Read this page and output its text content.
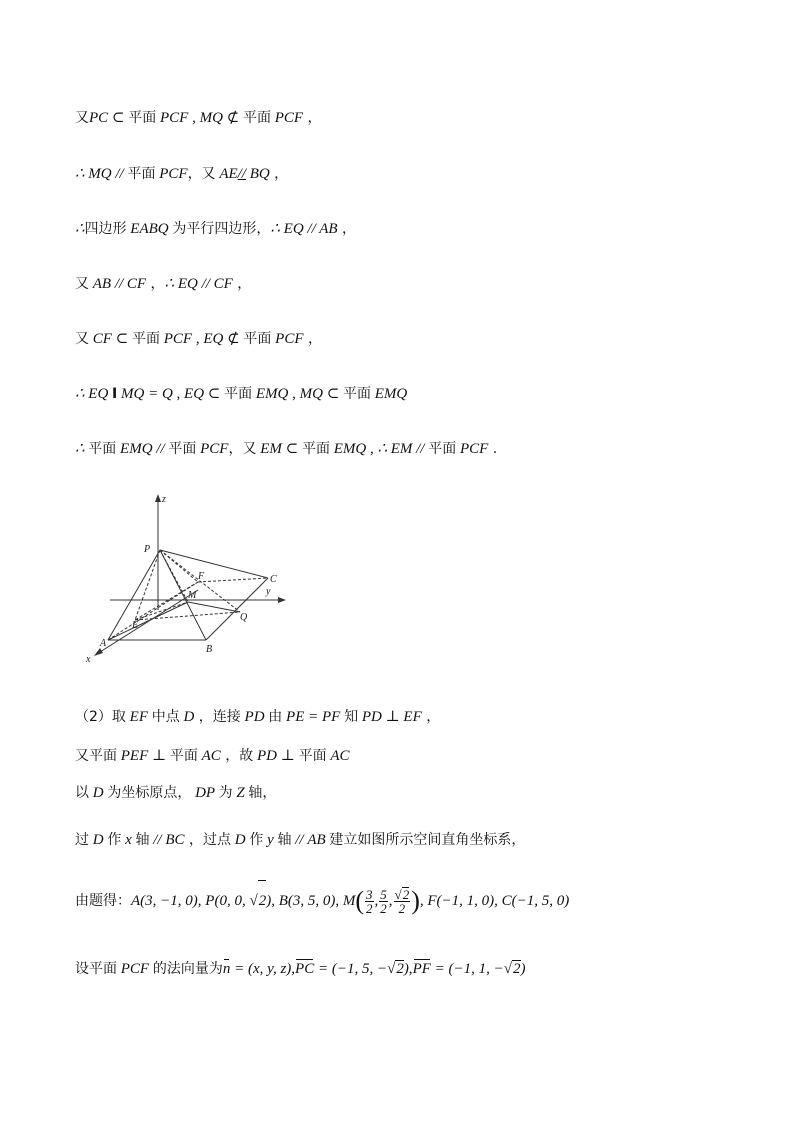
又PC ⊂ 平面 PCF , MQ ⊄ 平面 PCF ，
∴ MQ // 平面 PCF，又 AE// BQ ，
∴四边形 EABQ 为平行四边形，∴ EQ // AB ，
又 AB // CF ，∴ EQ // CF ，
又 CF ⊂ 平面 PCF , EQ ⊄ 平面 PCF ，
∴ EQ I MQ = Q , EQ ⊂ 平面 EMQ , MQ ⊂ 平面 EMQ
∴ 平面 EMQ // 平面 PCF，又 EM ⊂ 平面 EMQ , ∴ EM // 平面 PCF .
z
y
x
P
F	C
M
Q
E
A
B
（2）取 EF 中点 D ，连接 PD 由 PE = PF 知 PD ⊥ EF ，
又平面 PEF ⊥ 平面 AC ，故 PD ⊥ 平面 AC
以 D 为坐标原点， DP 为 Z 轴，
过 D 作 x 轴 // BC ，过点 D 作 y 轴 // AB 建立如图所示空间直角坐标系，
由题得：A(3, −1, 0), P(0, 0, √2), B(3, 5, 0), $M( \frac{3}{2}$ , $\frac{5}{2}$ , $\frac{√2}{2}$ ), F(−1, 1, 0), C(−1, 5, 0)
设平面 PCF 的法向量为n = (x, y, z),PC = (−1, 5, −√2),PF = (−1, 1, −√2)
